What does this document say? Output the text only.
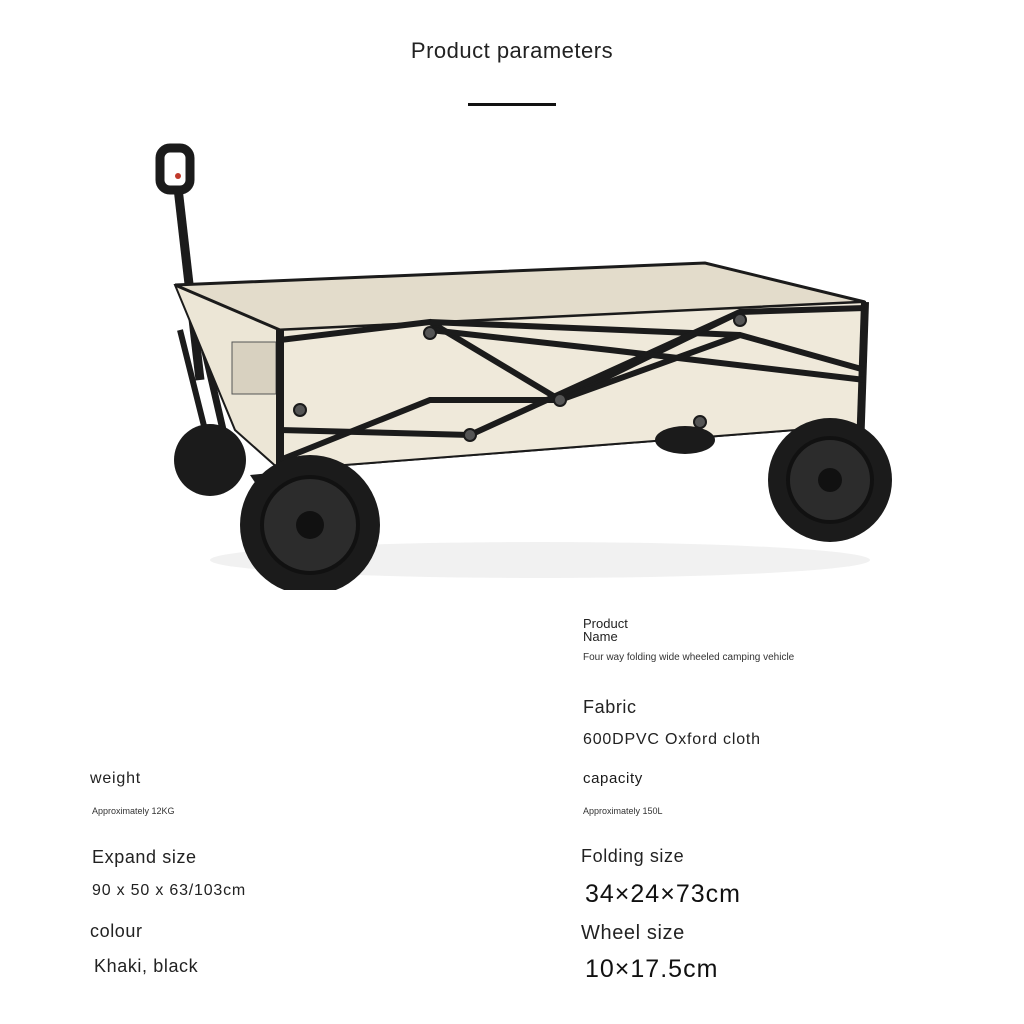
Product parameters
Product Name
Four way folding wide wheeled camping vehicle
Fabric
600DPVC Oxford cloth
weight
Approximately 12KG
capacity
Approximately 150L
Expand size
90 x 50 x 63/103cm
Folding size
34×24×73cm
colour
Khaki, black
Wheel size
10×17.5cm
